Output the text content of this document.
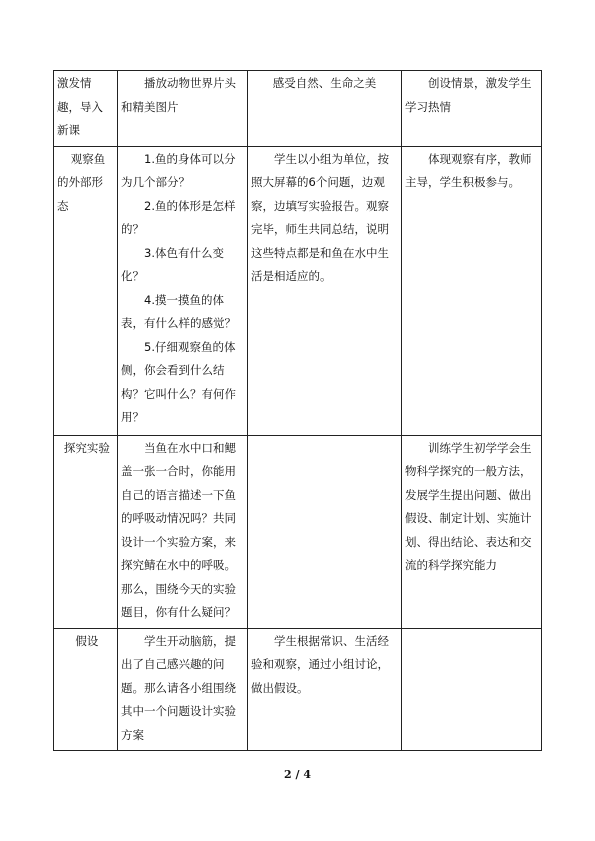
激发情趣，导入新课	播放动物世界片头和精美图片	感受自然、生命之美	创设情景，激发学生学习热情

观察鱼的外部形态	1.鱼的身体可以分为几个部分？

2.鱼的体形是怎样的？

3.体色有什么变化？

4.摸一摸鱼的体表，有什么样的感觉？

5.仔细观察鱼的体侧，你会看到什么结构？它叫什么？有何作用？	学生以小组为单位，按照大屏幕的6个问题，边观察，边填写实验报告。观察完毕，师生共同总结，说明这些特点都是和鱼在水中生活是相适应的。	体现观察有序，教师主导，学生积极参与。

探究实验	当鱼在水中口和鳃盖一张一合时，你能用自己的语言描述一下鱼的呼吸动情况吗？共同设计一个实验方案，来探究鲭在水中的呼吸。那么，围绕今天的实验题目，你有什么疑问？		训练学生初学学会生物科学探究的一般方法，发展学生提出问题、做出假设、制定计划、实施计划、得出结论、表达和交流的科学探究能力

假设	学生开动脑筋，提出了自己感兴趣的问题。那么请各小组围绕其中一个问题设计实验方案	学生根据常识、生活经验和观察，通过小组讨论，做出假设。	

2 / 4
